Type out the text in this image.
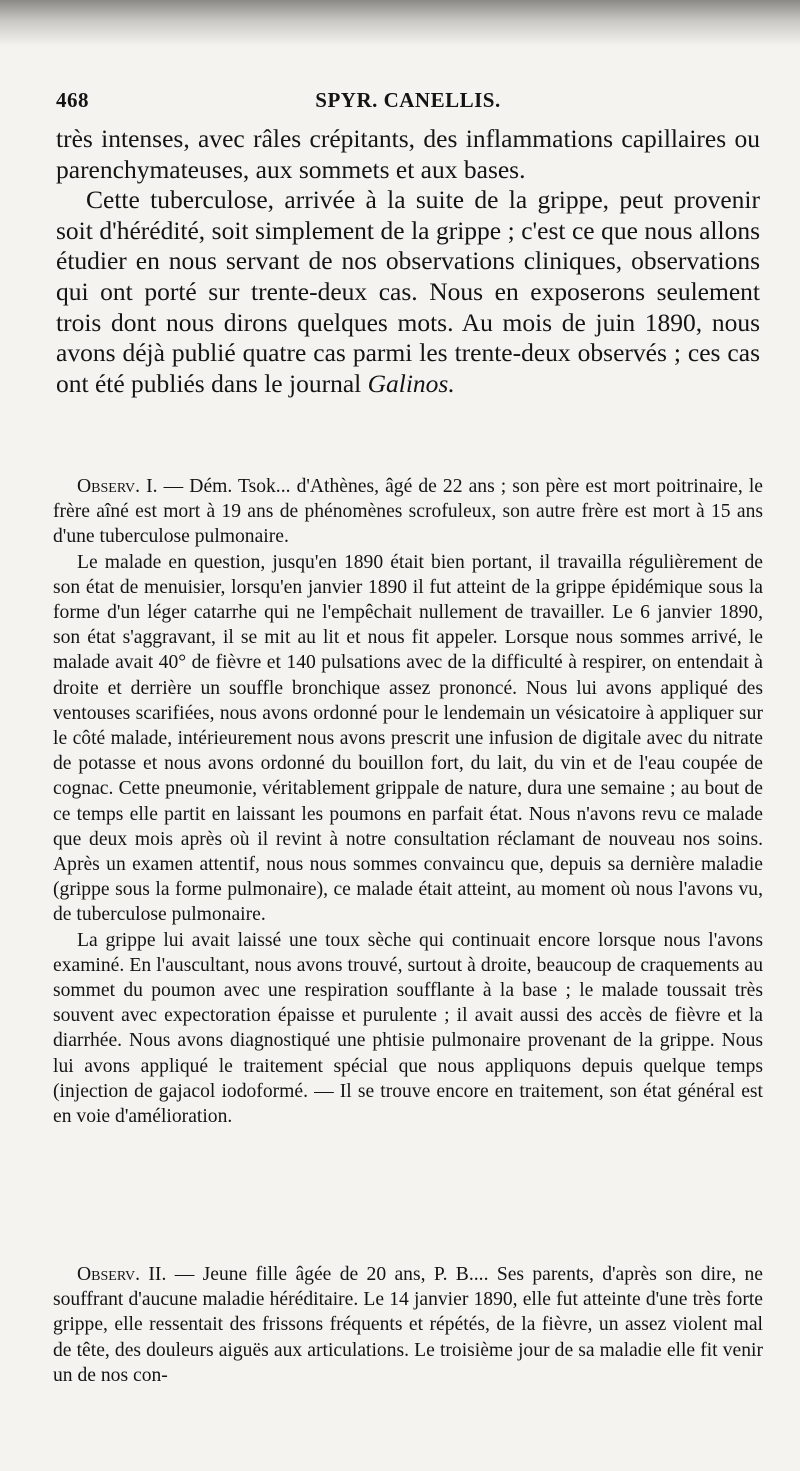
468	SPYR. CANELLIS.

très intenses, avec râles crépitants, des inflammations capillaires ou parenchymateuses, aux sommets et aux bases.

Cette tuberculose, arrivée à la suite de la grippe, peut provenir soit d'hérédité, soit simplement de la grippe ; c'est ce que nous allons étudier en nous servant de nos observations cliniques, observations qui ont porté sur trente-deux cas. Nous en exposerons seulement trois dont nous dirons quelques mots. Au mois de juin 1890, nous avons déjà publié quatre cas parmi les trente-deux observés ; ces cas ont été publiés dans le journal Galinos.

Observ. I. — Dém. Tsok... d'Athènes, âgé de 22 ans ; son père est mort poitrinaire, le frère aîné est mort à 19 ans de phénomènes scrofuleux, son autre frère est mort à 15 ans d'une tuberculose pulmonaire.

Le malade en question, jusqu'en 1890 était bien portant, il travailla régulièrement de son état de menuisier, lorsqu'en janvier 1890 il fut atteint de la grippe épidémique sous la forme d'un léger catarrhe qui ne l'empêchait nullement de travailler. Le 6 janvier 1890, son état s'aggravant, il se mit au lit et nous fit appeler. Lorsque nous sommes arrivé, le malade avait 40° de fièvre et 140 pulsations avec de la difficulté à respirer, on entendait à droite et derrière un souffle bronchique assez prononcé. Nous lui avons appliqué des ventouses scarifiées, nous avons ordonné pour le lendemain un vésicatoire à appliquer sur le côté malade, intérieurement nous avons prescrit une infusion de digitale avec du nitrate de potasse et nous avons ordonné du bouillon fort, du lait, du vin et de l'eau coupée de cognac. Cette pneumonie, véritablement grippale de nature, dura une semaine ; au bout de ce temps elle partit en laissant les poumons en parfait état. Nous n'avons revu ce malade que deux mois après où il revint à notre consultation réclamant de nouveau nos soins. Après un examen attentif, nous nous sommes convaincu que, depuis sa dernière maladie (grippe sous la forme pulmonaire), ce malade était atteint, au moment où nous l'avons vu, de tuberculose pulmonaire.

La grippe lui avait laissé une toux sèche qui continuait encore lorsque nous l'avons examiné. En l'auscultant, nous avons trouvé, surtout à droite, beaucoup de craquements au sommet du poumon avec une respiration soufflante à la base ; le malade toussait très souvent avec expectoration épaisse et purulente ; il avait aussi des accès de fièvre et la diarrhée. Nous avons diagnostiqué une phtisie pulmonaire provenant de la grippe. Nous lui avons appliqué le traitement spécial que nous appliquons depuis quelque temps (injection de gajacol iodoformé. — Il se trouve encore en traitement, son état général est en voie d'amélioration.

Observ. II. — Jeune fille âgée de 20 ans, P. B.... Ses parents, d'après son dire, ne souffrant d'aucune maladie héréditaire. Le 14 janvier 1890, elle fut atteinte d'une très forte grippe, elle ressentait des frissons fréquents et répétés, de la fièvre, un assez violent mal de tête, des douleurs aiguës aux articulations. Le troisième jour de sa maladie elle fit venir un de nos con-
